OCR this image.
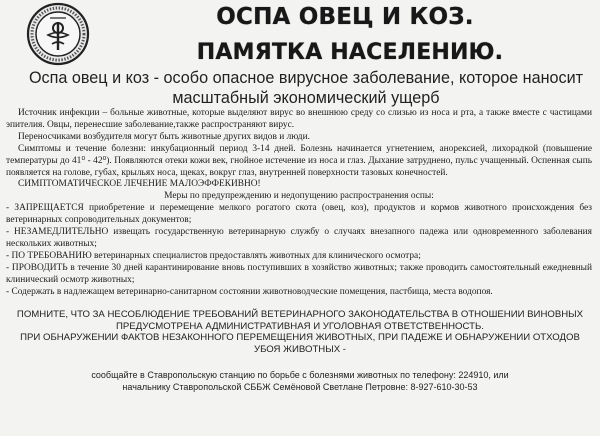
ОСПА ОВЕЦ И КОЗ.
ПАМЯТКА НАСЕЛЕНИЮ.
Оспа овец и коз - особо опасное вирусное заболевание, которое наносит масштабный экономический ущерб

Источник инфекции – больные животные, которые выделяют вирус во внешнюю среду со слизью из носа и рта, а также вместе с частицами эпителия. Овцы, перенесшие заболевание,также распространяют вирус.

Переносчиками возбудителя могут быть животные других видов и люди.

Симптомы и течение болезни: инкубационный период 3-14 дней. Болезнь начинается угнетением, анорексией, лихорадкой (повышение температуры до 41⁰ - 42⁰). Появляются отеки кожи век, гнойное истечение из носа и глаз. Дыхание затруднено, пульс учащенный. Оспенная сыпь появляется на голове, губах, крыльях носа, щеках, вокруг глаз, внутренней поверхности тазовых конечностей.

СИМПТОМАТИЧЕСКОЕ ЛЕЧЕНИЕ МАЛОЭФФЕКИВНО!

Меры по предупреждению и недопущению распространения оспы:

- ЗАПРЕЩАЕТСЯ приобретение и перемещение мелкого рогатого скота (овец, коз), продуктов и кормов животного происхождения без ветеринарных сопроводительных документов;

- НЕЗАМЕДЛИТЕЛЬНО извещать государственную ветеринарную службу о случаях внезапного падежа или одновременного заболевания нескольких животных;

- ПО ТРЕБОВАНИЮ ветеринарных специалистов предоставлять животных для клинического осмотра;

- ПРОВОДИТЬ в течение 30 дней карантинирование вновь поступивших в хозяйство животных; также проводить самостоятельный ежедневный клинический осмотр животных;

- Содержать в надлежащем ветеринарно-санитарном состоянии животноводческие помещения, пастбища, места водопоя.

ПОМНИТЕ, ЧТО ЗА НЕСОБЛЮДЕНИЕ ТРЕБОВАНИЙ ВЕТЕРИНАРНОГО ЗАКОНОДАТЕЛЬСТВА В ОТНОШЕНИИ ВИНОВНЫХ ПРЕДУСМОТРЕНА АДМИНИСТРАТИВНАЯ И УГОЛОВНАЯ ОТВЕТСТВЕННОСТЬ.

ПРИ ОБНАРУЖЕНИИ ФАКТОВ НЕЗАКОННОГО ПЕРЕМЕЩЕНИЯ ЖИВОТНЫХ, ПРИ ПАДЕЖЕ И ОБНАРУЖЕНИИ ОТХОДОВ УБОЯ ЖИВОТНЫХ -

сообщайте в Ставропольскую станцию по борьбе с болезнями животных по телефону: 224910, или

начальнику Ставропольской СББЖ Семёновой Светлане Петровне: 8-927-610-30-53
